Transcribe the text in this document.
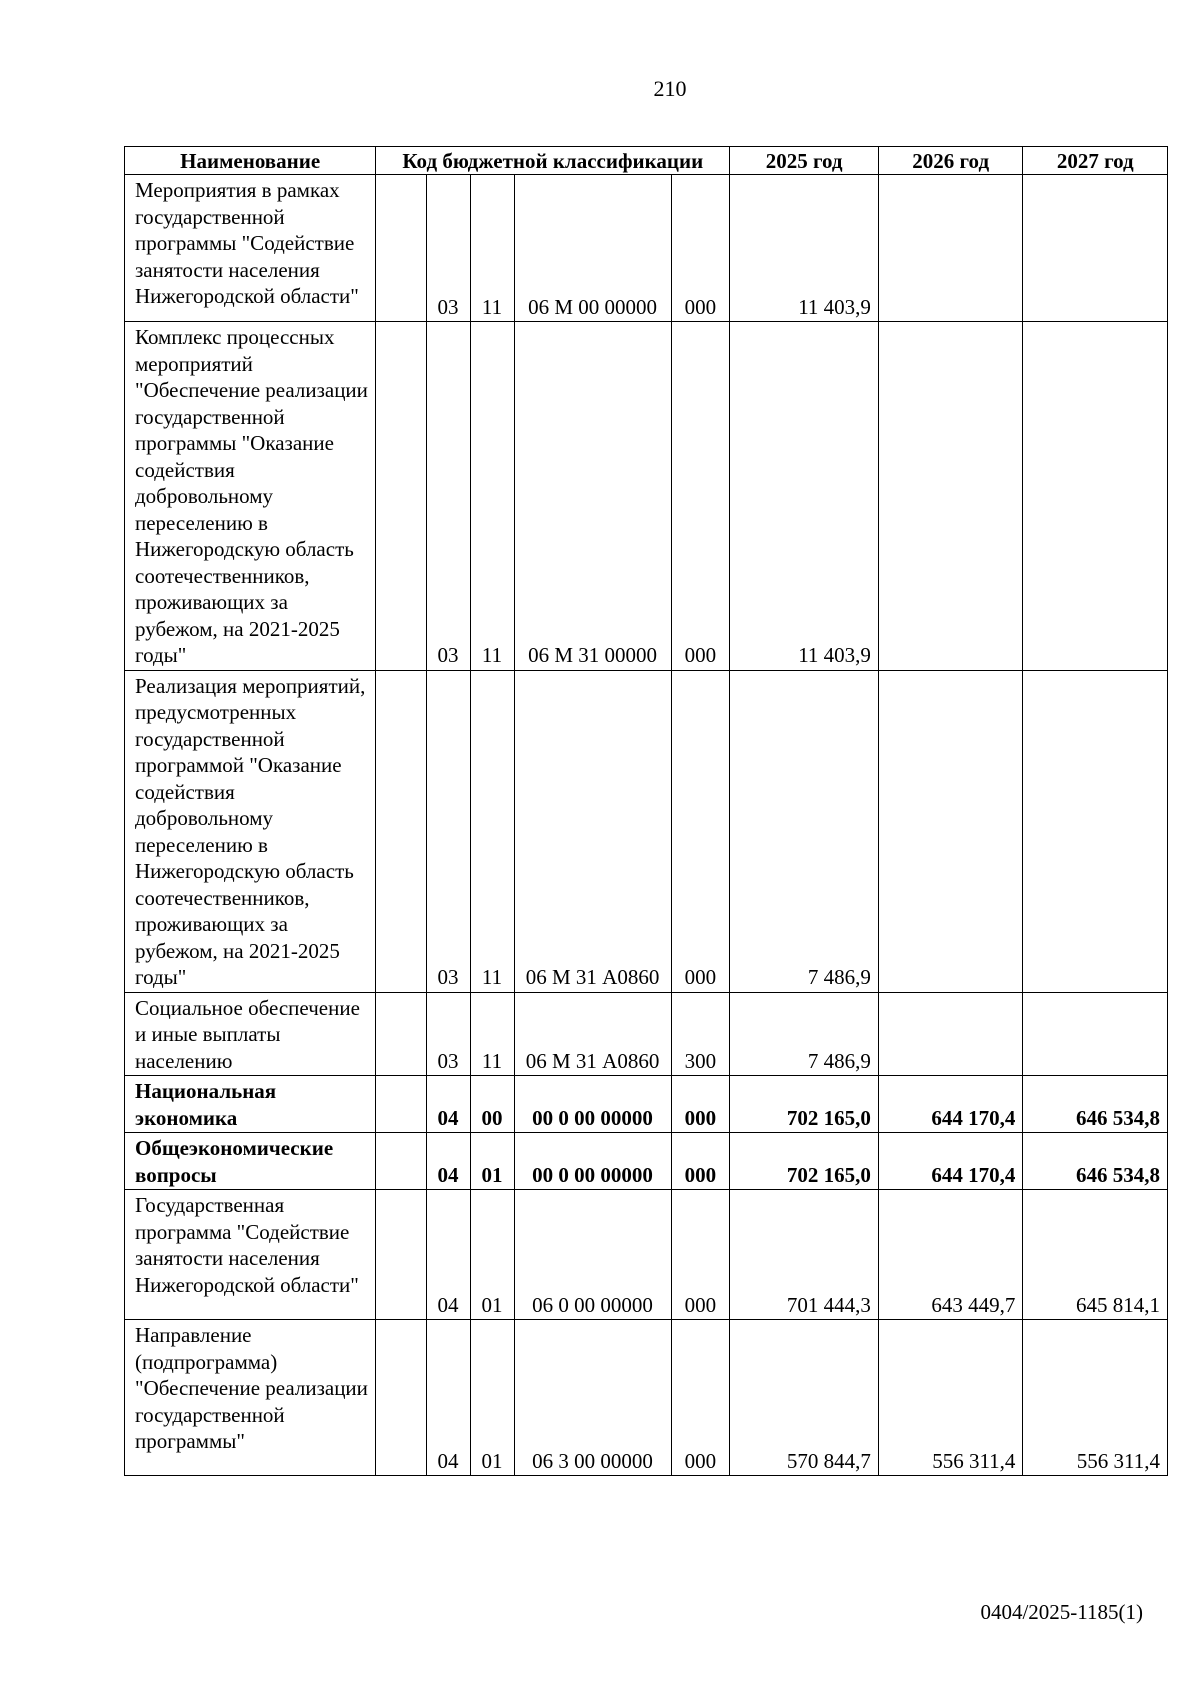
210
Наименование	Код бюджетной классификации					2025 год	2026 год	2027 год
Мероприятия в рамках государственной программы "Содействие занятости населения Нижегородской области"		03	11	06 М 00 00000	000	11 403,9		
Комплекс процессных мероприятий "Обеспечение реализации государственной программы "Оказание содействия добровольному переселению в Нижегородскую область соотечественников, проживающих за рубежом, на 2021-2025 годы"		03	11	06 М 31 00000	000	11 403,9		
Реализация мероприятий, предусмотренных государственной программой "Оказание содействия добровольному переселению в Нижегородскую область соотечественников, проживающих за рубежом, на 2021-2025 годы"		03	11	06 М 31 А0860	000	7 486,9		
Социальное обеспечение и иные выплаты населению		03	11	06 М 31 А0860	300	7 486,9		
Национальная экономика		04	00	00 0 00 00000	000	702 165,0	644 170,4	646 534,8
Общеэкономические вопросы		04	01	00 0 00 00000	000	702 165,0	644 170,4	646 534,8
Государственная программа "Содействие занятости населения Нижегородской области"		04	01	06 0 00 00000	000	701 444,3	643 449,7	645 814,1
Направление (подпрограмма) "Обеспечение реализации государственной программы"		04	01	06 3 00 00000	000	570 844,7	556 311,4	556 311,4
0404/2025-1185(1)
